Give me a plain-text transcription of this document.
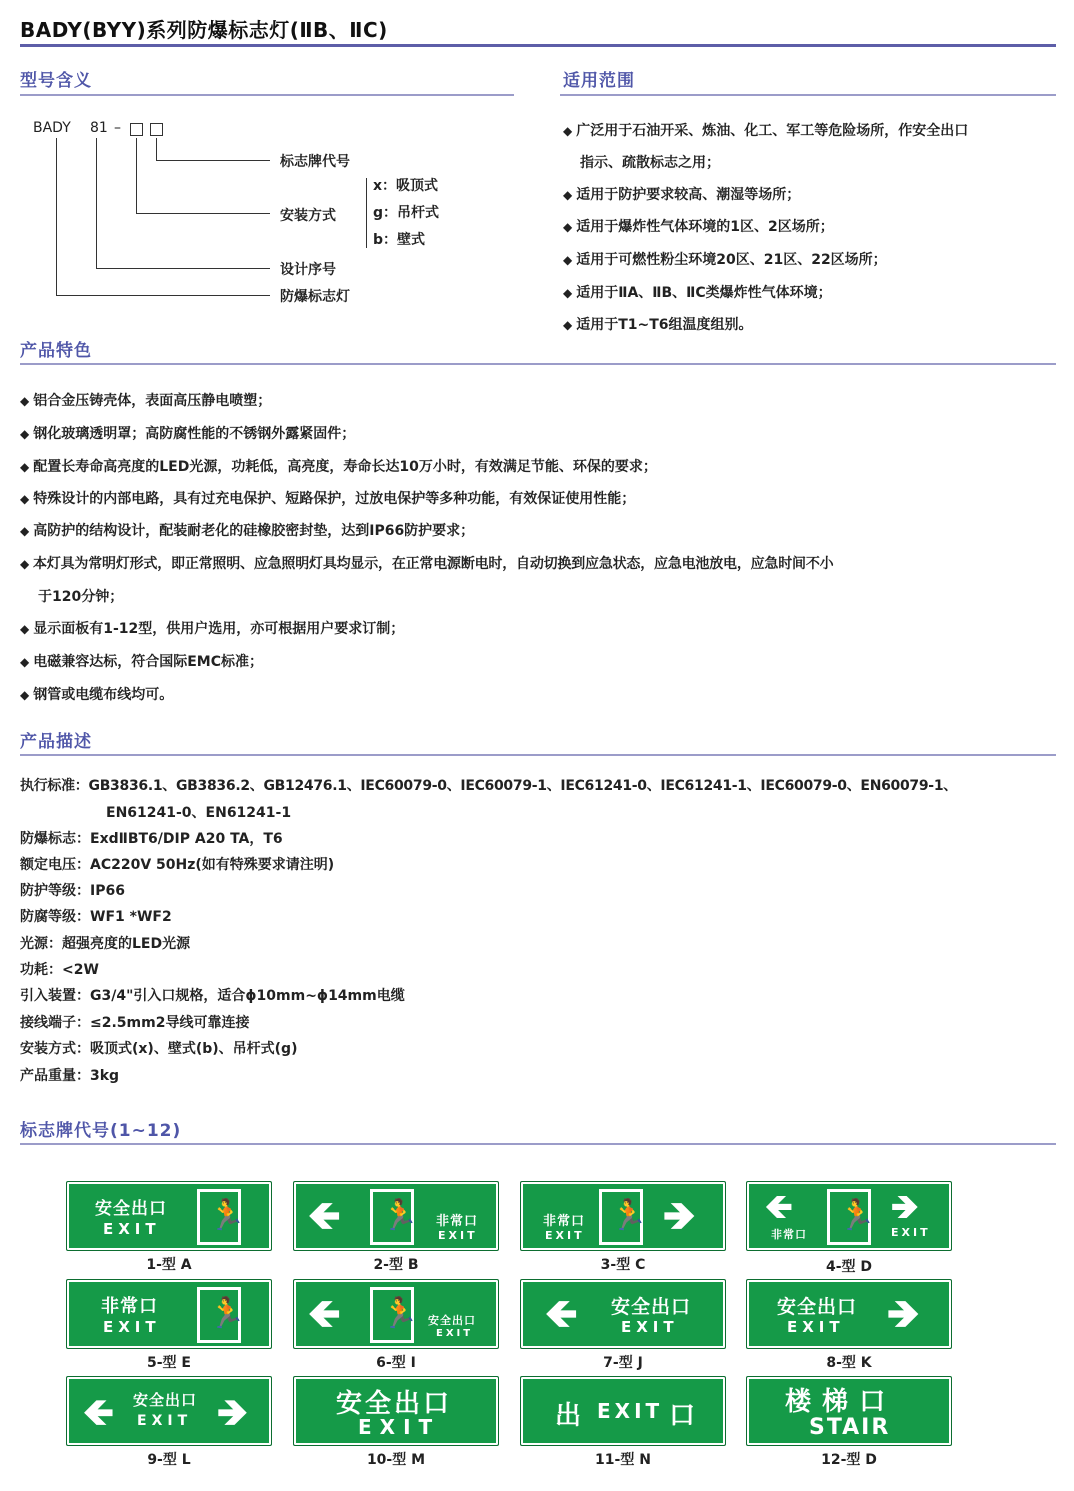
BADY(BYY)系列防爆标志灯(ⅡB、ⅡC)
型号含义
BADY 81 –
标志牌代号
安装方式
设计序号
防爆标志灯
x：吸顶式
g：吊杆式
b：壁式
适用范围
◆ 广泛用于石油开采、炼油、化工、军工等危险场所，作安全出口
指示、疏散标志之用；
◆ 适用于防护要求较高、潮湿等场所；
◆ 适用于爆炸性气体环境的1区、2区场所；
◆ 适用于可燃性粉尘环境20区、21区、22区场所；
◆ 适用于ⅡA、ⅡB、ⅡC类爆炸性气体环境；
◆ 适用于T1~T6组温度组别。
产品特色
◆ 铝合金压铸壳体，表面高压静电喷塑；
◆ 钢化玻璃透明罩；高防腐性能的不锈钢外露紧固件；
◆ 配置长寿命高亮度的LED光源，功耗低，高亮度，寿命长达10万小时，有效满足节能、环保的要求；
◆ 特殊设计的内部电路，具有过充电保护、短路保护，过放电保护等多种功能，有效保证使用性能；
◆ 高防护的结构设计，配装耐老化的硅橡胶密封垫，达到IP66防护要求；
◆ 本灯具为常明灯形式，即正常照明、应急照明灯具均显示，在正常电源断电时，自动切换到应急状态，应急电池放电，应急时间不小
于120分钟；
◆ 显示面板有1-12型，供用户选用，亦可根据用户要求订制；
◆ 电磁兼容达标，符合国际EMC标准；
◆ 钢管或电缆布线均可。
产品描述
执行标准：GB3836.1、GB3836.2、GB12476.1、IEC60079-0、IEC60079-1、IEC61241-0、IEC61241-1、IEC60079-0、EN60079-1、
EN61241-0、EN61241-1
防爆标志：ExdⅡBT6/DIP A20 TA，T6
额定电压：AC220V 50Hz(如有特殊要求请注明)
防护等级：IP66
防腐等级：WF1 *WF2
光源：超强亮度的LED光源
功耗：<2W
引入装置：G3/4"引入口规格，适合ϕ10mm~ϕ14mm电缆
接线端子：≤2.5mm2导线可靠连接
安装方式：吸顶式(x)、壁式(b)、吊杆式(g)
产品重量：3kg
标志牌代号(1~12)
安全出口
EXIT 🏃 🡸 🏃 非常口
EXIT
非常口
EXIT
🏃 🡺 🡸
非常口
🏃 🡺
EXIT
1-型 A	2-型 B	3-型 C	4-型 D
非常口
EXIT 🏃 🡸 🏃 安全出口
EXIT 🡸 安全出口
EXIT
安全出口
EXIT 🡺
5-型 E	6-型 I	7-型 J	8-型 K
🡸 安全出口
EXIT 🡺	安全出口
EXIT	出 EXIT 口	楼 梯 口
STAIR
9-型 L	10-型 M	11-型 N	12-型 D
